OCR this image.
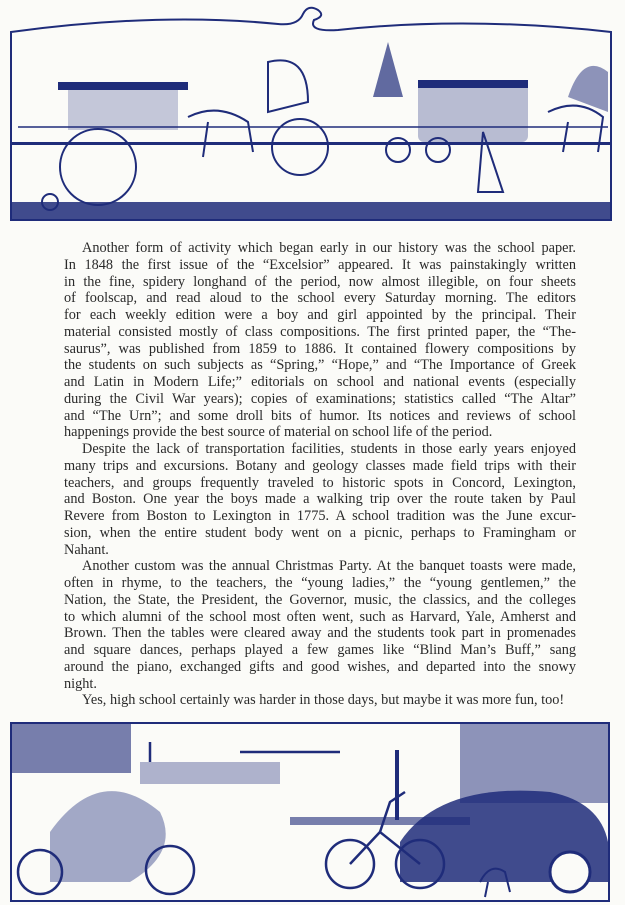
Another form of activity which began early in our history was the school paper.
In 1848 the first issue of the “Excelsior” appeared. It was painstakingly written
in the fine, spidery longhand of the period, now almost illegible, on four sheets
of foolscap, and read aloud to the school every Saturday morning. The editors
for each weekly edition were a boy and girl appointed by the principal. Their
material consisted mostly of class compositions. The first printed paper, the “The-
saurus”, was published from 1859 to 1886. It contained flowery compositions by
the students on such subjects as “Spring,” “Hope,” and “The Importance of Greek
and Latin in Modern Life;” editorials on school and national events (especially
during the Civil War years); copies of examinations; statistics called “The Altar”
and “The Urn”; and some droll bits of humor. Its notices and reviews of school
happenings provide the best source of material on school life of the period.
Despite the lack of transportation facilities, students in those early years enjoyed
many trips and excursions. Botany and geology classes made field trips with their
teachers, and groups frequently traveled to historic spots in Concord, Lexington,
and Boston. One year the boys made a walking trip over the route taken by Paul
Revere from Boston to Lexington in 1775. A school tradition was the June excur-
sion, when the entire student body went on a picnic, perhaps to Framingham or
Nahant.
Another custom was the annual Christmas Party. At the banquet toasts were made,
often in rhyme, to the teachers, the “young ladies,” the “young gentlemen,” the
Nation, the State, the President, the Governor, music, the classics, and the colleges
to which alumni of the school most often went, such as Harvard, Yale, Amherst and
Brown. Then the tables were cleared away and the students took part in promenades
and square dances, perhaps played a few games like “Blind Man’s Buff,” sang
around the piano, exchanged gifts and good wishes, and departed into the snowy
night.
Yes, high school certainly was harder in those days, but maybe it was more fun, too!
